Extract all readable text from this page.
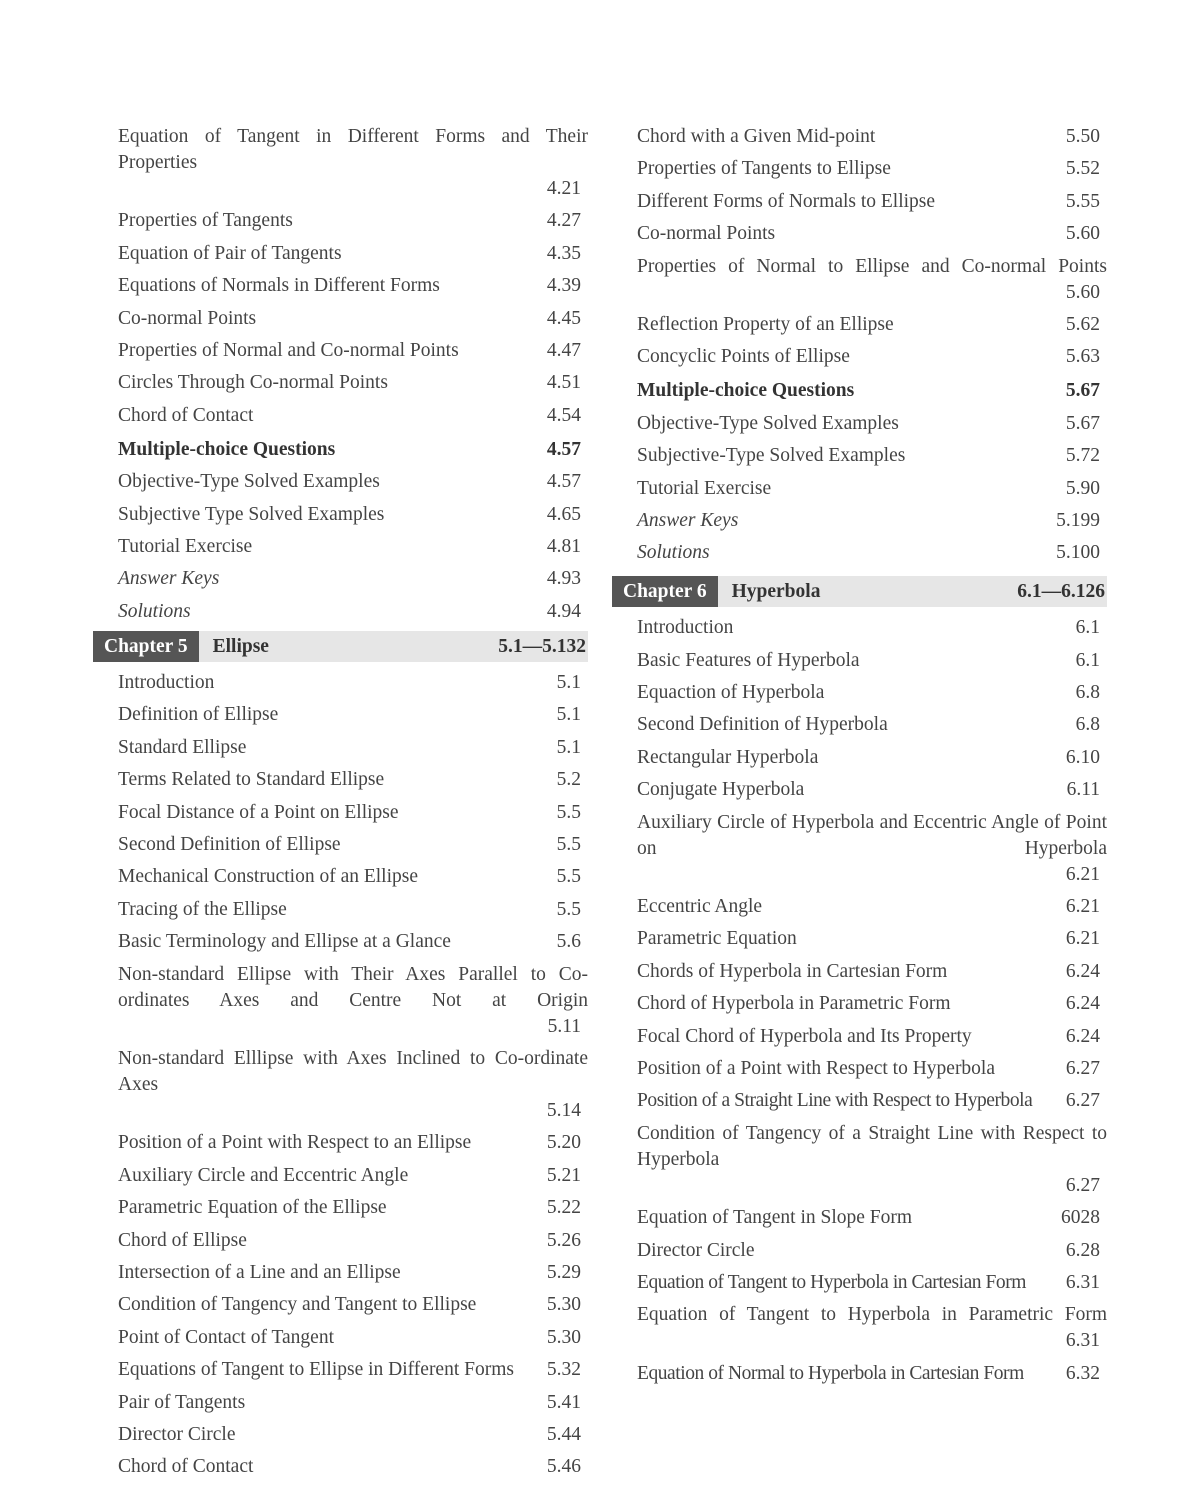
Equation of Tangent in Different Forms and Their Properties
4.21
Properties of Tangents	4.27
Equation of Pair of Tangents	4.35
Equations of Normals in Different Forms	4.39
Co-normal Points	4.45
Properties of Normal and Co-normal Points	4.47
Circles Through Co-normal Points	4.51
Chord of Contact	4.54
Multiple-choice Questions	4.57
Objective-Type Solved Examples	4.57
Subjective Type Solved Examples	4.65
Tutorial Exercise	4.81
Answer Keys	4.93
Solutions	4.94
Chapter 5	Ellipse	5.1—5.132
Introduction	5.1
Definition of Ellipse	5.1
Standard Ellipse	5.1
Terms Related to Standard Ellipse	5.2
Focal Distance of a Point on Ellipse	5.5
Second Definition of Ellipse	5.5
Mechanical Construction of an Ellipse	5.5
Tracing of the Ellipse	5.5
Basic Terminology and Ellipse at a Glance	5.6
Non-standard Ellipse with Their Axes Parallel to Co-ordinates Axes and Centre Not at Origin
5.11
Non-standard Elllipse with Axes Inclined to Co-ordinate Axes
5.14
Position of a Point with Respect to an Ellipse	5.20
Auxiliary Circle and Eccentric Angle	5.21
Parametric Equation of the Ellipse	5.22
Chord of Ellipse	5.26
Intersection of a Line and an Ellipse	5.29
Condition of Tangency and Tangent to Ellipse	5.30
Point of Contact of Tangent	5.30
Equations of Tangent to Ellipse in Different Forms 5.32
Pair of Tangents	5.41
Director Circle	5.44
Chord of Contact	5.46
Chord with a Given Mid-point	5.50
Properties of Tangents to Ellipse	5.52
Different Forms of Normals to Ellipse	5.55
Co-normal Points	5.60
Properties of Normal to Ellipse and Co-normal Points
5.60
Reflection Property of an Ellipse	5.62
Concyclic Points of Ellipse	5.63
Multiple-choice Questions	5.67
Objective-Type Solved Examples	5.67
Subjective-Type Solved Examples	5.72
Tutorial Exercise	5.90
Answer Keys	5.199
Solutions	5.100
Chapter 6	Hyperbola	6.1—6.126
Introduction	6.1
Basic Features of Hyperbola	6.1
Equaction of Hyperbola	6.8
Second Definition of Hyperbola	6.8
Rectangular Hyperbola	6.10
Conjugate Hyperbola	6.11
Auxiliary Circle of Hyperbola and Eccentric Angle of Point on Hyperbola
6.21
Eccentric Angle	6.21
Parametric Equation	6.21
Chords of Hyperbola in Cartesian Form	6.24
Chord of Hyperbola in Parametric Form	6.24
Focal Chord of Hyperbola and Its Property	6.24
Position of a Point with Respect to Hyperbola	6.27
Position of a Straight Line with Respect to Hyperbola 6.27
Condition of Tangency of a Straight Line with Respect to Hyperbola
6.27
Equation of Tangent in Slope Form	6028
Director Circle	6.28
Equation of Tangent to Hyperbola in Cartesian Form 6.31
Equation of Tangent to Hyperbola in Parametric Form
6.31
Equation of Normal to Hyperbola in Cartesian Form 6.32
